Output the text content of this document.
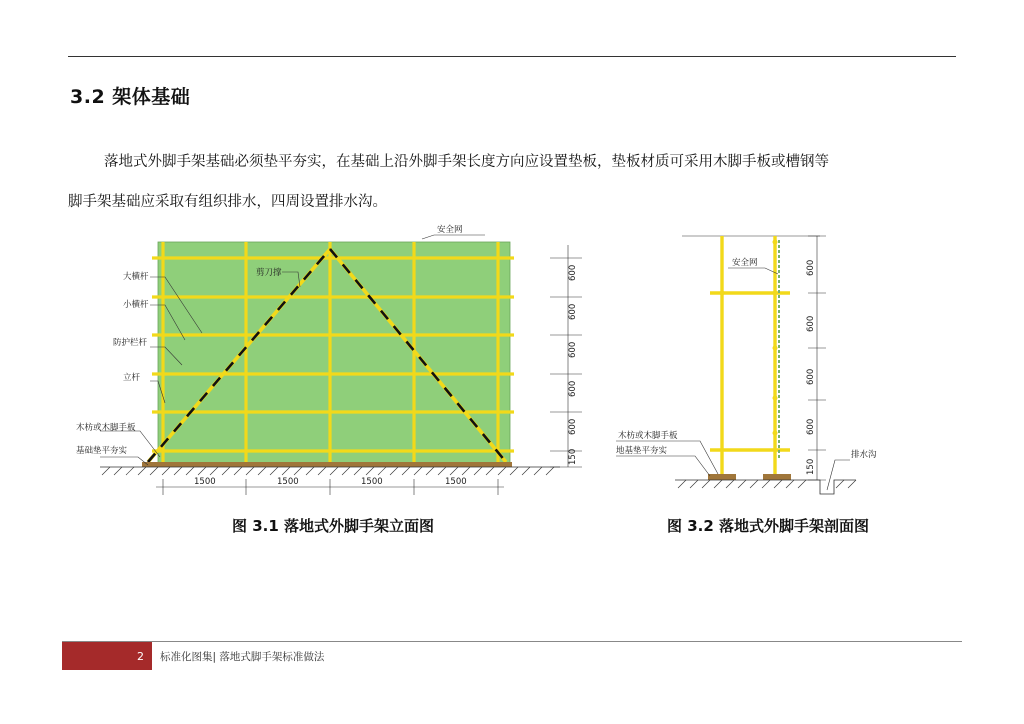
3.2 架体基础
落地式外脚手架基础必须垫平夯实，在基础上沿外脚手架长度方向应设置垫板，垫板材质可采用木脚手板或槽钢等
脚手架基础应采取有组织排水，四周设置排水沟。
安全网
大横杆	剪刀撑
小横杆
防护栏杆
立杆
木枋或木脚手板
基础垫平夯实
600
600
600
600
600
150
1500	1500	1500	1500
安全网
木枋或木脚手板
地基垫平夯实	排水沟
600
600
600
600
150
图 3.1 落地式外脚手架立面图	图 3.2 落地式外脚手架剖面图
2 标准化图集| 落地式脚手架标准做法
